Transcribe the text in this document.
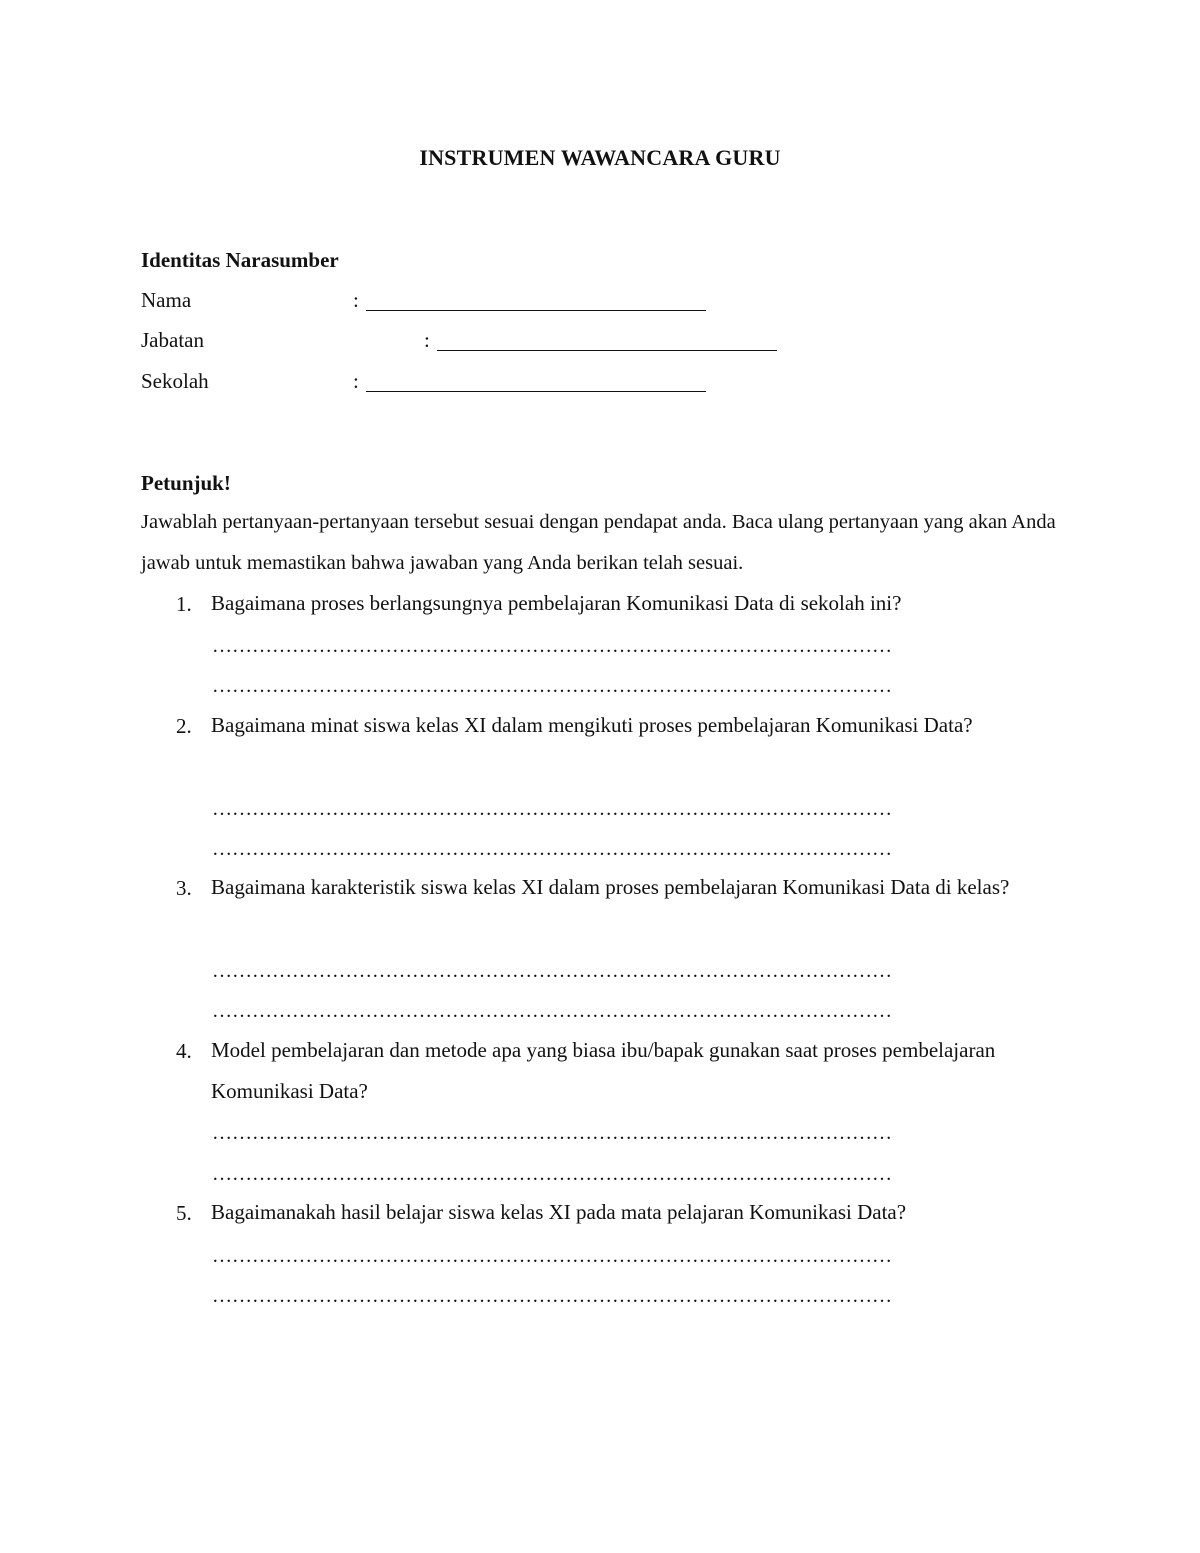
INSTRUMEN WAWANCARA GURU
Identitas Narasumber
Nama	:
Jabatan	:
Sekolah	:
Petunjuk!
Jawablah pertanyaan-pertanyaan tersebut sesuai dengan pendapat anda. Baca ulang pertanyaan yang akan Anda jawab untuk memastikan bahwa jawaban yang Anda berikan telah sesuai.
1. Bagaimana proses berlangsungnya pembelajaran Komunikasi Data di sekolah ini?
…………………………………………………………………………………………
…………………………………………………………………………………………
2. Bagaimana minat siswa kelas XI dalam mengikuti proses pembelajaran Komunikasi Data?
…………………………………………………………………………………………
…………………………………………………………………………………………
3. Bagaimana karakteristik siswa kelas XI dalam proses pembelajaran Komunikasi Data di kelas?
…………………………………………………………………………………………
…………………………………………………………………………………………
4. Model pembelajaran dan metode apa yang biasa ibu/bapak gunakan saat proses pembelajaran Komunikasi Data?
…………………………………………………………………………………………
…………………………………………………………………………………………
5. Bagaimanakah hasil belajar siswa kelas XI pada mata pelajaran Komunikasi Data?
…………………………………………………………………………………………
…………………………………………………………………………………………
